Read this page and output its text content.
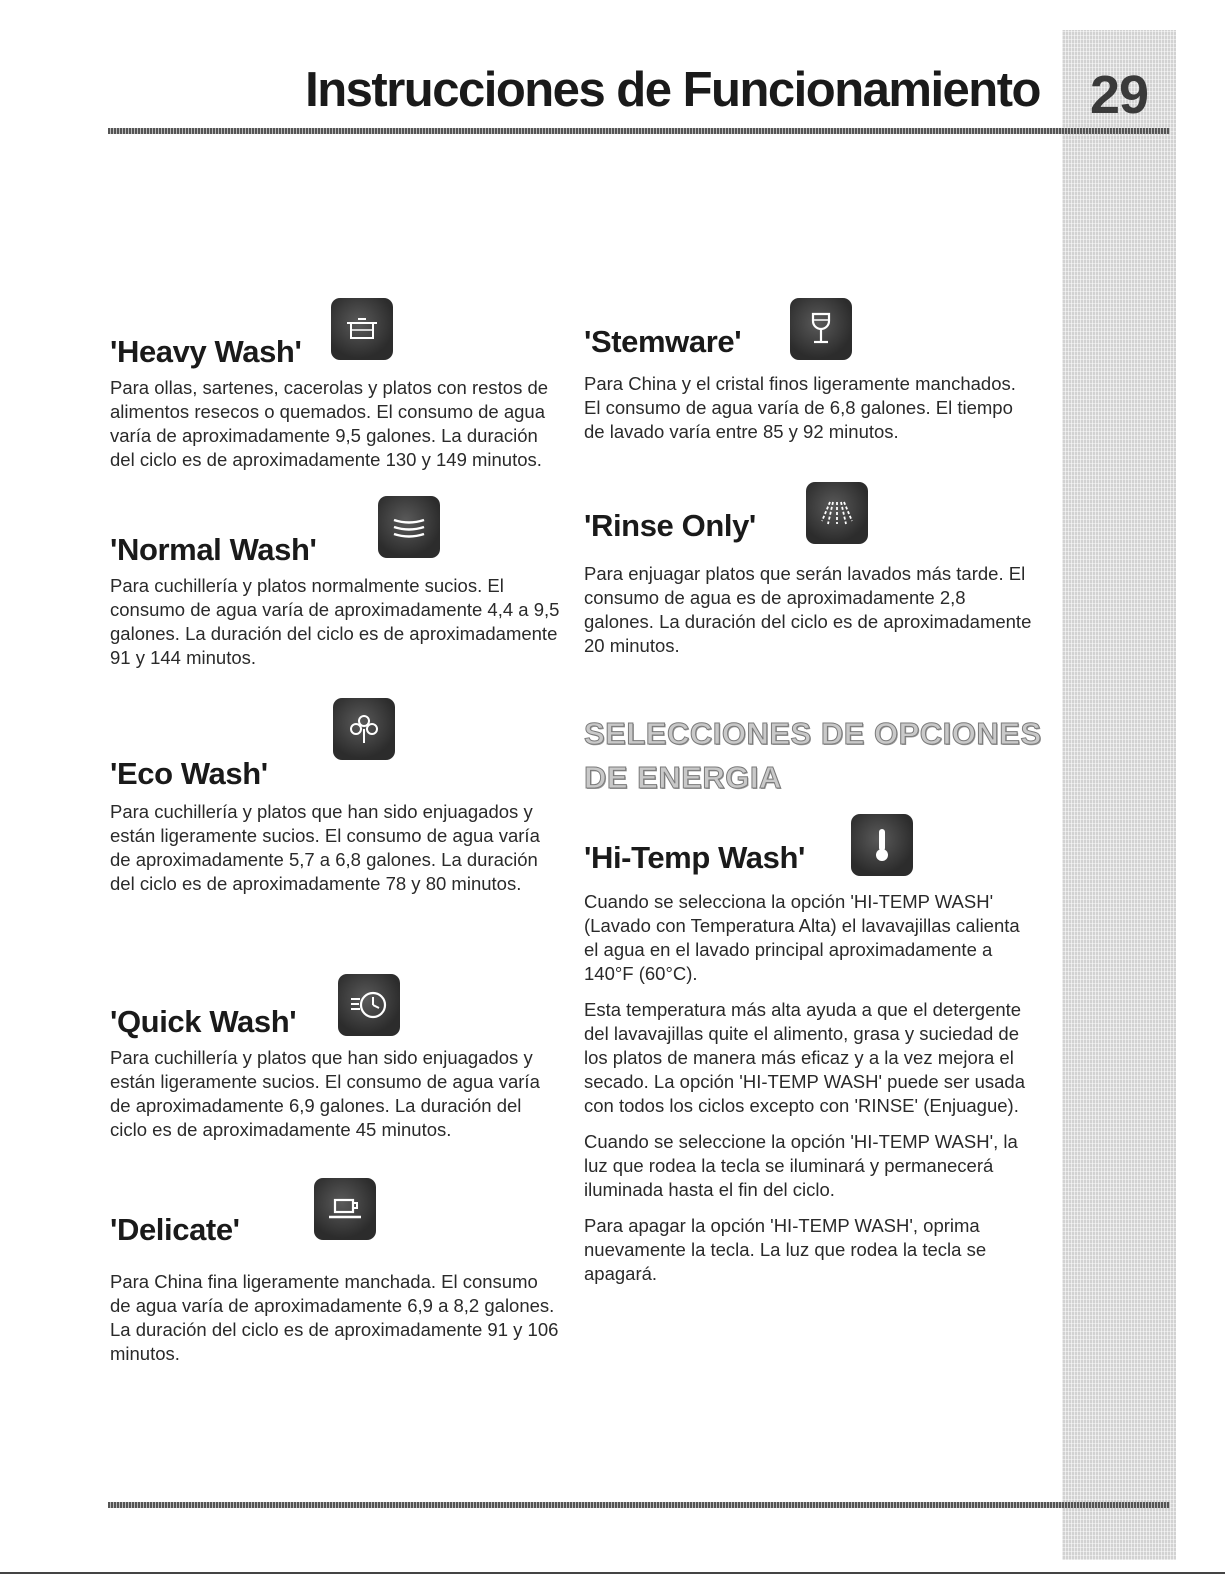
Instrucciones de Funcionamiento 29
'Heavy Wash'

Para ollas, sartenes, cacerolas y platos con restos de alimentos resecos o quemados. El consumo de agua varía de aproximadamente 9,5 galones. La duración del ciclo es de aproximadamente 130 y 149 minutos.

'Normal Wash'

Para cuchillería y platos normalmente sucios. El consumo de agua varía de aproximadamente 4,4 a 9,5 galones. La duración del ciclo es de aproximadamente 91 y 144 minutos.

'Eco Wash'

Para cuchillería y platos que han sido enjuagados y están ligeramente sucios. El consumo de agua varía de aproximadamente 5,7 a 6,8 galones. La duración del ciclo es de aproximadamente 78 y 80 minutos.

'Quick Wash'

Para cuchillería y platos que han sido enjuagados y están ligeramente sucios. El consumo de agua varía de aproximadamente 6,9 galones. La duración del ciclo es de aproximadamente 45 minutos.

'Delicate'

Para China fina ligeramente manchada. El consumo de agua varía de aproximadamente 6,9 a 8,2 galones. La duración del ciclo es de aproximadamente 91 y 106 minutos.

'Stemware'

Para China y el cristal finos ligeramente manchados. El consumo de agua varía de 6,8 galones. El tiempo de lavado varía entre 85 y 92 minutos.

'Rinse Only'

Para enjuagar platos que serán lavados más tarde. El consumo de agua es de aproximadamente 2,8 galones. La duración del ciclo es de aproximadamente 20 minutos.

SELECCIONES DE OPCIONES DE ENERGIA
'Hi-Temp Wash'

Cuando se selecciona la opción 'HI-TEMP WASH' (Lavado con Temperatura Alta) el lavavajillas calienta el agua en el lavado principal aproximadamente a 140°F (60°C).

Esta temperatura más alta ayuda a que el detergente del lavavajillas quite el alimento, grasa y suciedad de los platos de manera más eficaz y a la vez mejora el secado. La opción 'HI-TEMP WASH' puede ser usada con todos los ciclos excepto con 'RINSE' (Enjuague).

Cuando se seleccione la opción 'HI-TEMP WASH', la luz que rodea la tecla se iluminará y permanecerá iluminada hasta el fin del ciclo.

Para apagar la opción 'HI-TEMP WASH', oprima nuevamente la tecla. La luz que rodea la tecla se apagará.
